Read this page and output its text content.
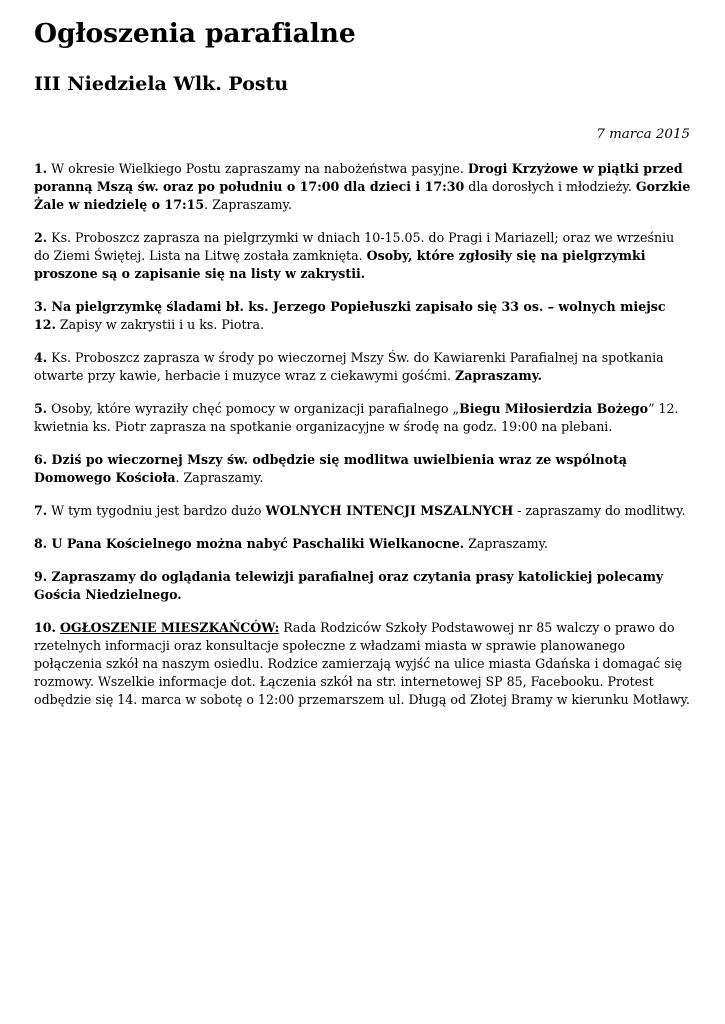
Ogłoszenia parafialne
III Niedziela Wlk. Postu
7 marca 2015

1. W okresie Wielkiego Postu zapraszamy na nabożeństwa pasyjne. Drogi Krzyżowe w piątki przed poranną Mszą św. oraz po południu o 17:00 dla dzieci i 17:30 dla dorosłych i młodzieży. Gorzkie Żale w niedzielę o 17:15. Zapraszamy.

2. Ks. Proboszcz zaprasza na pielgrzymki w dniach 10-15.05. do Pragi i Mariazell; oraz we wrześniu do Ziemi Świętej. Lista na Litwę została zamknięta. Osoby, które zgłosiły się na pielgrzymki proszone są o zapisanie się na listy w zakrystii.

3. Na pielgrzymkę śladami bł. ks. Jerzego Popiełuszki zapisało się 33 os. – wolnych miejsc 12. Zapisy w zakrystii i u ks. Piotra.

4. Ks. Proboszcz zaprasza w środy po wieczornej Mszy Św. do Kawiarenki Parafialnej na spotkania otwarte przy kawie, herbacie i muzyce wraz z ciekawymi gośćmi. Zapraszamy.

5. Osoby, które wyraziły chęć pomocy w organizacji parafialnego „Biegu Miłosierdzia Bożego” 12. kwietnia ks. Piotr zaprasza na spotkanie organizacyjne w środę na godz. 19:00 na plebani.

6. Dziś po wieczornej Mszy św. odbędzie się modlitwa uwielbienia wraz ze wspólnotą Domowego Kościoła. Zapraszamy.

7. W tym tygodniu jest bardzo dużo WOLNYCH INTENCJI MSZALNYCH - zapraszamy do modlitwy.

8. U Pana Kościelnego można nabyć Paschaliki Wielkanocne. Zapraszamy.

9. Zapraszamy do oglądania telewizji parafialnej oraz czytania prasy katolickiej polecamy Gościa Niedzielnego.

10. OGŁOSZENIE MIESZKAŃCÓW: Rada Rodziców Szkoły Podstawowej nr 85 walczy o prawo do rzetelnych informacji oraz konsultacje społeczne z władzami miasta w sprawie planowanego połączenia szkół na naszym osiedlu. Rodzice zamierzają wyjść na ulice miasta Gdańska i domagać się rozmowy. Wszelkie informacje dot. Łączenia szkół na str. internetowej SP 85, Facebooku. Protest odbędzie się 14. marca w sobotę o 12:00 przemarszem ul. Długą od Złotej Bramy w kierunku Motławy.
